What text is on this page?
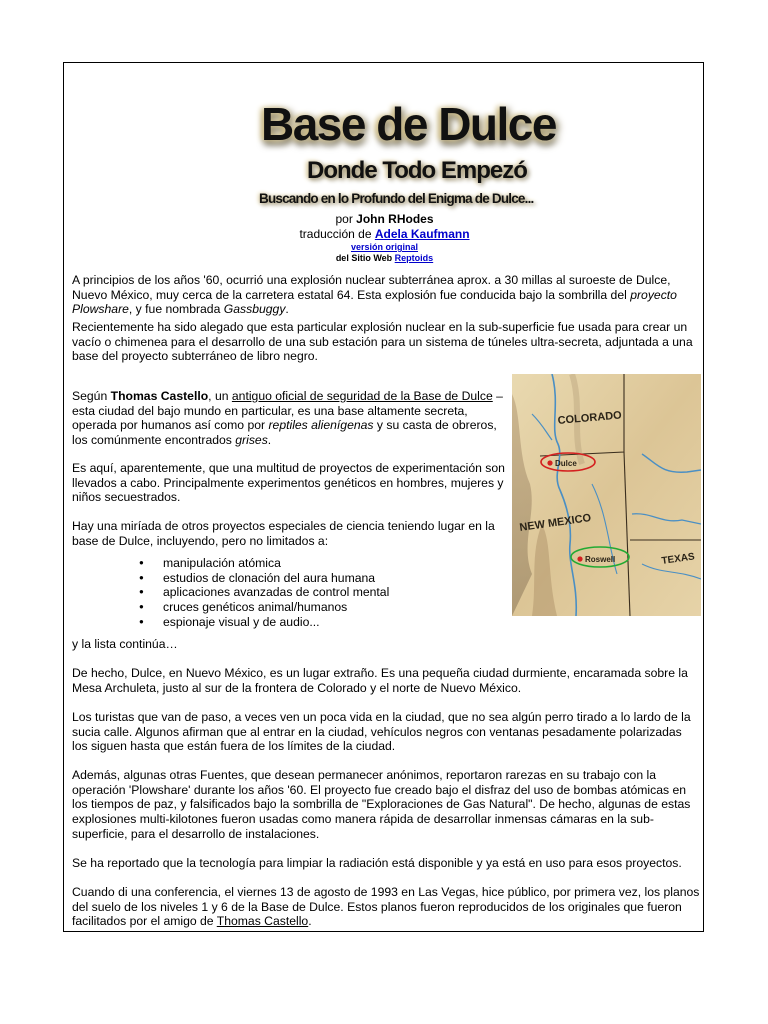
Base de Dulce
Donde Todo Empezó
Buscando en lo Profundo del Enigma de Dulce...
por John RHodes
traducción de Adela Kaufmann
versión original
del Sitio Web Reptoids

A principios de los años '60, ocurrió una explosión nuclear subterránea aprox. a 30 millas al suroeste de Dulce, Nuevo México, muy cerca de la carretera estatal 64. Esta explosión fue conducida bajo la sombrilla del proyecto Plowshare, y fue nombrada Gassbuggy.

Recientemente ha sido alegado que esta particular explosión nuclear en la sub-superficie fue usada para crear un vacío o chimenea para el desarrollo de una sub estación para un sistema de túneles ultra-secreta, adjuntada a una base del proyecto subterráneo de libro negro.

Según Thomas Castello, un antiguo oficial de seguridad de la Base de Dulce – esta ciudad del bajo mundo en particular, es una base altamente secreta, operada por humanos así como por reptiles alienígenas y su casta de obreros, los comúnmente encontrados grises.

Es aquí, aparentemente, que una multitud de proyectos de experimentación son llevados a cabo. Principalmente experimentos genéticos en hombres, mujeres y niños secuestrados.

Hay una miríada de otros proyectos especiales de ciencia teniendo lugar en la base de Dulce, incluyendo, pero no limitados a:

● manipulación atómica
● estudios de clonación del aura humana
● aplicaciones avanzadas de control mental
● cruces genéticos animal/humanos
● espionaje visual y de audio...

y la lista continúa…

De hecho, Dulce, en Nuevo México, es un lugar extraño. Es una pequeña ciudad durmiente, encaramada sobre la Mesa Archuleta, justo al sur de la frontera de Colorado y el norte de Nuevo México.

Los turistas que van de paso, a veces ven un poca vida en la ciudad, que no sea algún perro tirado a lo lardo de la sucia calle. Algunos afirman que al entrar en la ciudad, vehículos negros con ventanas pesadamente polarizadas los siguen hasta que están fuera de los límites de la ciudad.

Además, algunas otras Fuentes, que desean permanecer anónimos, reportaron rarezas en su trabajo con la operación 'Plowshare' durante los años '60. El proyecto fue creado bajo el disfraz del uso de bombas atómicas en los tiempos de paz, y falsificados bajo la sombrilla de "Exploraciones de Gas Natural". De hecho, algunas de estas explosiones multi-kilotones fueron usadas como manera rápida de desarrollar inmensas cámaras en la sub-superficie, para el desarrollo de instalaciones.

Se ha reportado que la tecnología para limpiar la radiación está disponible y ya está en uso para esos proyectos.

Cuando di una conferencia, el viernes 13 de agosto de 1993 en Las Vegas, hice público, por primera vez, los planos del suelo de los niveles 1 y 6 de la Base de Dulce. Estos planos fueron reproducidos de los originales que fueron facilitados por el amigo de Thomas Castello.

COLORADO
NEW MEXICO
TEXAS
Dulce
Roswell
